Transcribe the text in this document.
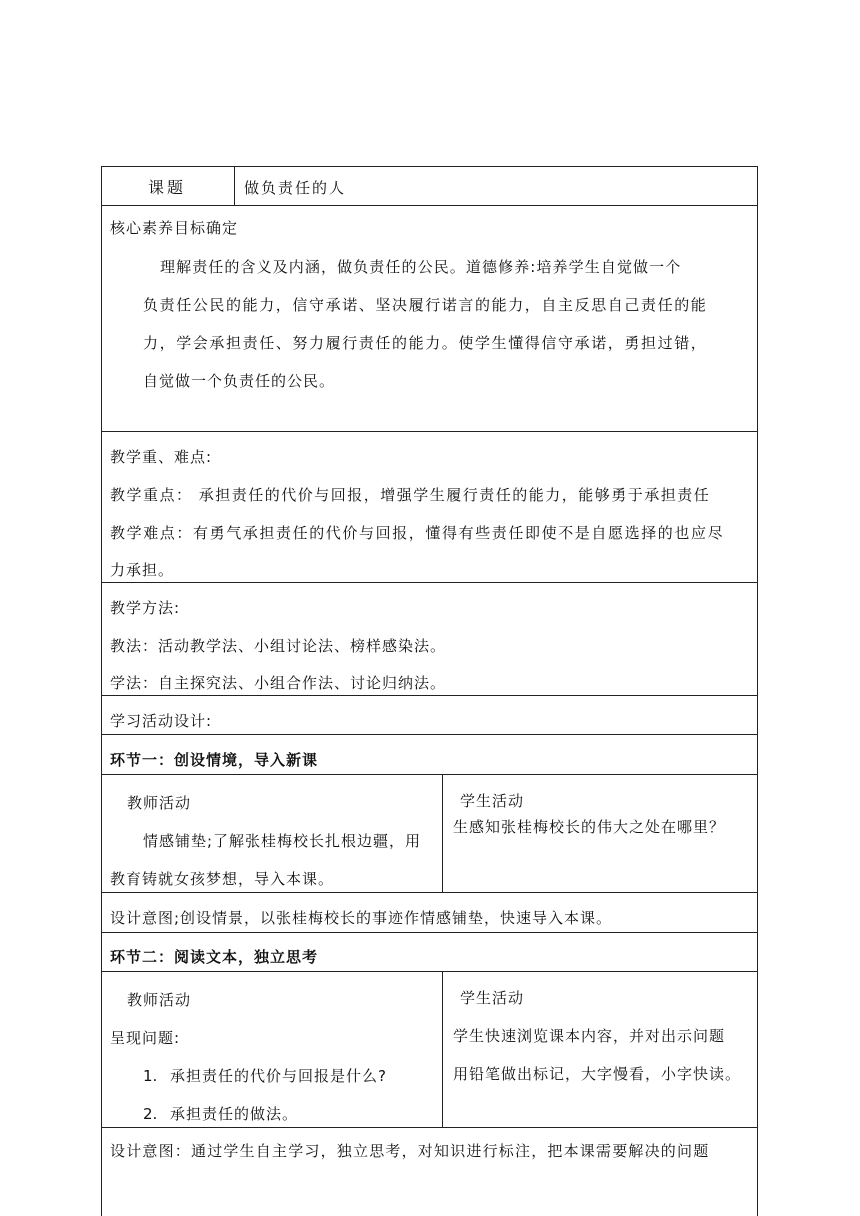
课题	做负责任的人
核心素养目标确定
理解责任的含义及内涵，做负责任的公民。道德修养:培养学生自觉做一个
负责任公民的能力，信守承诺、坚决履行诺言的能力，自主反思自己责任的能
力，学会承担责任、努力履行责任的能力。使学生懂得信守承诺，勇担过错，
自觉做一个负责任的公民。
教学重、难点:
教学重点： 承担责任的代价与回报，增强学生履行责任的能力，能够勇于承担责任
教学难点：有勇气承担责任的代价与回报，懂得有些责任即使不是自愿选择的也应尽
力承担。
教学方法:
教法：活动教学法、小组讨论法、榜样感染法。
学法：自主探究法、小组合作法、讨论归纳法。
学习活动设计:
环节一：创设情境，导入新课
教师活动
情感铺垫;了解张桂梅校长扎根边疆，用
教育铸就女孩梦想，导入本课。
学生活动
生感知张桂梅校长的伟大之处在哪里？
设计意图;创设情景，以张桂梅校长的事迹作情感铺垫，快速导入本课。
环节二：阅读文本，独立思考
教师活动
呈现问题:
1. 承担责任的代价与回报是什么?
2. 承担责任的做法。
学生活动
学生快速浏览课本内容，并对出示问题
用铅笔做出标记，大字慢看，小字快读。
设计意图：通过学生自主学习，独立思考，对知识进行标注，把本课需要解决的问题
